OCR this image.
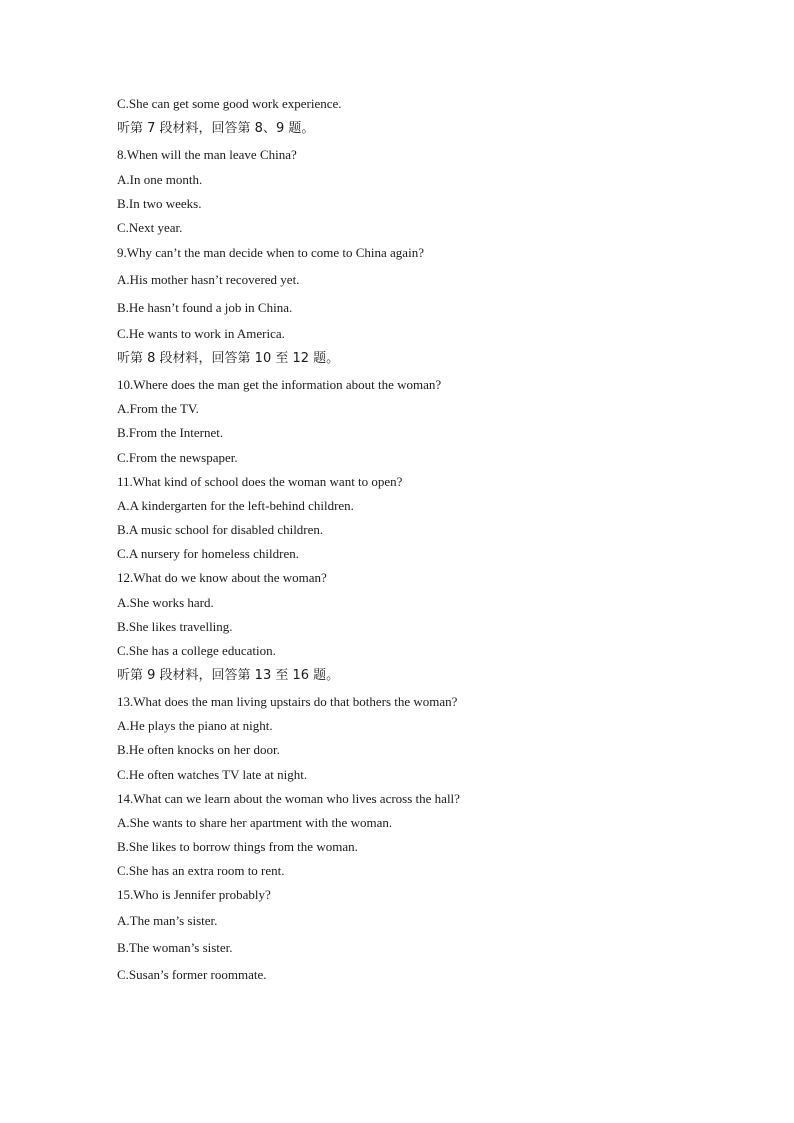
C.She can get some good work experience.
听第 7 段材料，回答第 8、9 题。
8.When will the man leave China?
A.In one month.
B.In two weeks.
C.Next year.
9.Why can’t the man decide when to come to China again?
A.His mother hasn’t recovered yet.
B.He hasn’t found a job in China.
C.He wants to work in America.
听第 8 段材料，回答第 10 至 12 题。
10.Where does the man get the information about the woman?
A.From the TV.
B.From the Internet.
C.From the newspaper.
11.What kind of school does the woman want to open?
A.A kindergarten for the left-behind children.
B.A music school for disabled children.
C.A nursery for homeless children.
12.What do we know about the woman?
A.She works hard.
B.She likes travelling.
C.She has a college education.
听第 9 段材料，回答第 13 至 16 题。
13.What does the man living upstairs do that bothers the woman?
A.He plays the piano at night.
B.He often knocks on her door.
C.He often watches TV late at night.
14.What can we learn about the woman who lives across the hall?
A.She wants to share her apartment with the woman.
B.She likes to borrow things from the woman.
C.She has an extra room to rent.
15.Who is Jennifer probably?
A.The man’s sister.
B.The woman’s sister.
C.Susan’s former roommate.
